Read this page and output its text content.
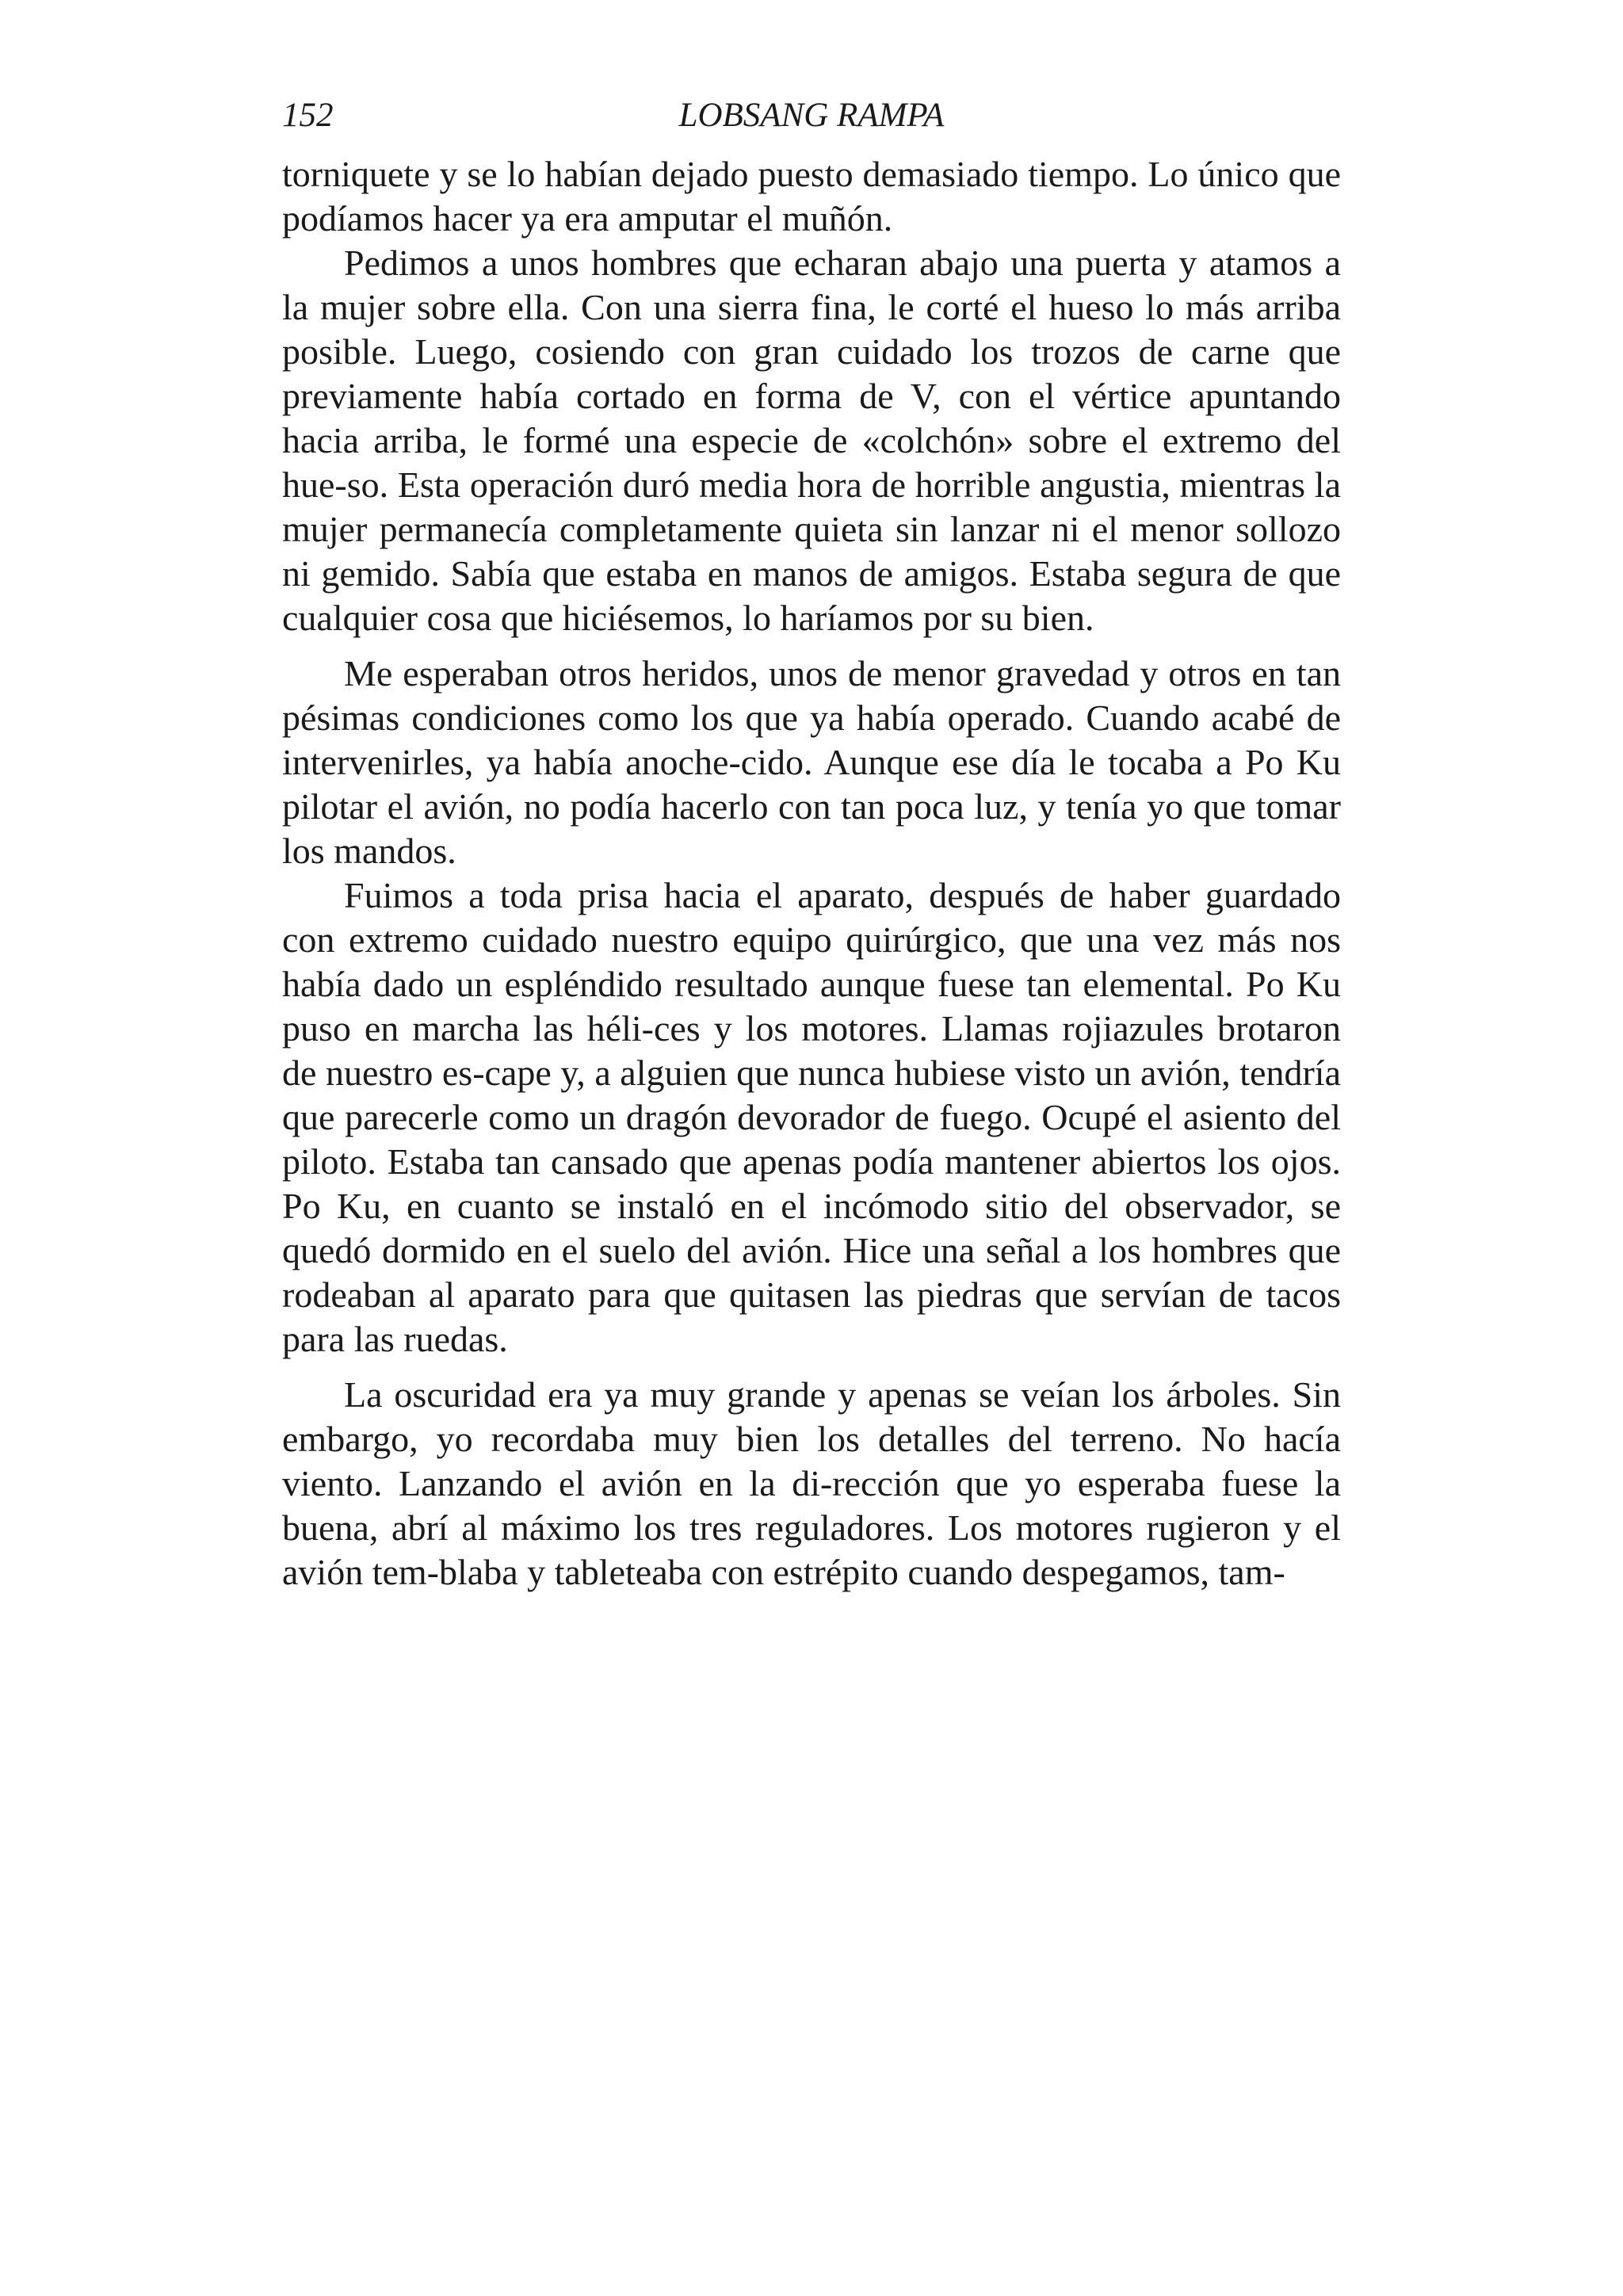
152	LOBSANG RAMPA

torniquete y se lo habían dejado puesto demasiado tiempo. Lo único que podíamos hacer ya era amputar el muñón.

Pedimos a unos hombres que echaran abajo una puerta y atamos a la mujer sobre ella. Con una sierra fina, le corté el hueso lo más arriba posible. Luego, cosiendo con gran cuidado los trozos de carne que previamente había cortado en forma de V, con el vértice apuntando hacia arriba, le formé una especie de «colchón» sobre el extremo del hue-so. Esta operación duró media hora de horrible angustia, mientras la mujer permanecía completamente quieta sin lanzar ni el menor sollozo ni gemido. Sabía que estaba en manos de amigos. Estaba segura de que cualquier cosa que hiciésemos, lo haríamos por su bien.

Me esperaban otros heridos, unos de menor gravedad y otros en tan pésimas condiciones como los que ya había operado. Cuando acabé de intervenirles, ya había anoche-cido. Aunque ese día le tocaba a Po Ku pilotar el avión, no podía hacerlo con tan poca luz, y tenía yo que tomar los mandos.

Fuimos a toda prisa hacia el aparato, después de haber guardado con extremo cuidado nuestro equipo quirúrgico, que una vez más nos había dado un espléndido resultado aunque fuese tan elemental. Po Ku puso en marcha las héli-ces y los motores. Llamas rojiazules brotaron de nuestro es-cape y, a alguien que nunca hubiese visto un avión, tendría que parecerle como un dragón devorador de fuego. Ocupé el asiento del piloto. Estaba tan cansado que apenas podía mantener abiertos los ojos. Po Ku, en cuanto se instaló en el incómodo sitio del observador, se quedó dormido en el suelo del avión. Hice una señal a los hombres que rodeaban al aparato para que quitasen las piedras que servían de tacos para las ruedas.

La oscuridad era ya muy grande y apenas se veían los árboles. Sin embargo, yo recordaba muy bien los detalles del terreno. No hacía viento. Lanzando el avión en la di-rección que yo esperaba fuese la buena, abrí al máximo los tres reguladores. Los motores rugieron y el avión tem-blaba y tableteaba con estrépito cuando despegamos, tam-
